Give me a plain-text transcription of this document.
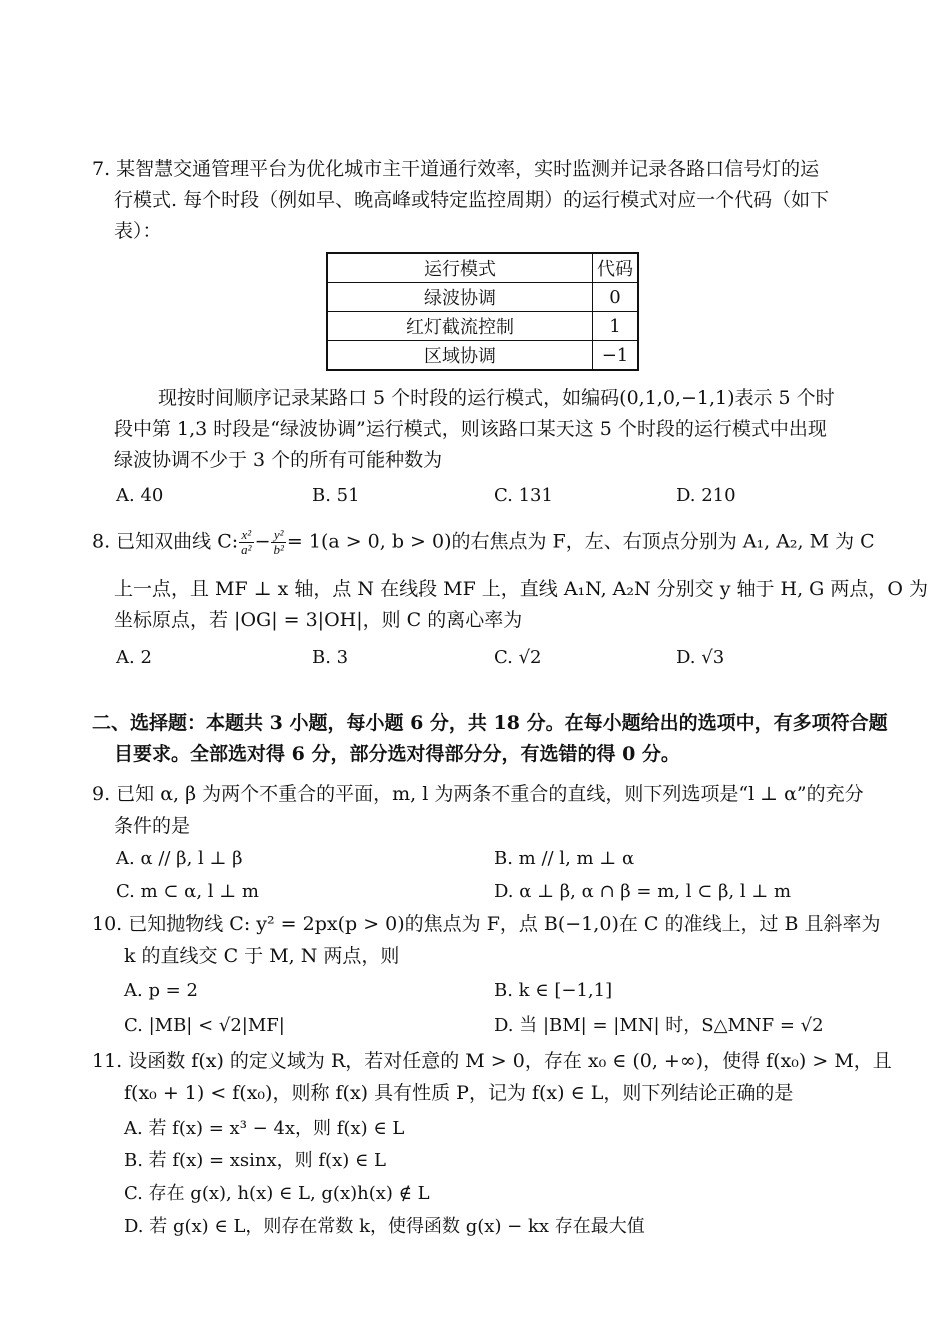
7. 某智慧交通管理平台为优化城市主干道通行效率，实时监测并记录各路口信号灯的运
行模式. 每个时段（例如早、晚高峰或特定监控周期）的运行模式对应一个代码（如下
表）：
运行模式	代码
绿波协调	0
红灯截流控制	1
区域协调	−1
现按时间顺序记录某路口 5 个时段的运行模式，如编码(0,1,0,−1,1)表示 5 个时
段中第 1,3 时段是“绿波协调”运行模式，则该路口某天这 5 个时段的运行模式中出现
绿波协调不少于 3 个的所有可能种数为
A. 40	B. 51	C. 131	D. 210
8. 已知双曲线 C: $\frac{\text{x²}}{\text{a²}} - \frac{\text{y²}}{\text{b²}} = 1(a > 0$, b > 0)的右焦点为 F，左、右顶点分别为 A₁, A₂, M 为 C
上一点，且 MF ⊥ x 轴，点 N 在线段 MF 上，直线 A₁N, A₂N 分别交 y 轴于 H, G 两点，O 为
坐标原点，若 |OG| = 3|OH|，则 C 的离心率为
A. 2	B. 3	C. √2	D. √3
二、选择题：本题共 3 小题，每小题 6 分，共 18 分。在每小题给出的选项中，有多项符合题
目要求。全部选对得 6 分，部分选对得部分分，有选错的得 0 分。
9. 已知 α, β 为两个不重合的平面，m, l 为两条不重合的直线，则下列选项是“l ⊥ α”的充分
条件的是
A. α // β, l ⊥ β	B. m // l, m ⊥ α
C. m ⊂ α, l ⊥ m	D. α ⊥ β, α ∩ β = m, l ⊂ β, l ⊥ m
10. 已知抛物线 C: y² = 2px(p > 0)的焦点为 F，点 B(−1,0)在 C 的准线上，过 B 且斜率为
k 的直线交 C 于 M, N 两点，则
A. p = 2	B. k ∈ [−1,1]
C. |MB| < √2|MF|	D. 当 |BM| = |MN| 时，S△MNF = √2
11. 设函数 f(x) 的定义域为 R，若对任意的 M > 0，存在 x₀ ∈ (0, +∞)，使得 f(x₀) > M，且
f(x₀ + 1) < f(x₀)，则称 f(x) 具有性质 P，记为 f(x) ∈ L，则下列结论正确的是
A. 若 f(x) = x³ − 4x，则 f(x) ∈ L
B. 若 f(x) = xsinx，则 f(x) ∈ L
C. 存在 g(x), h(x) ∈ L, g(x)h(x) ∉ L
D. 若 g(x) ∈ L，则存在常数 k，使得函数 g(x) − kx 存在最大值
